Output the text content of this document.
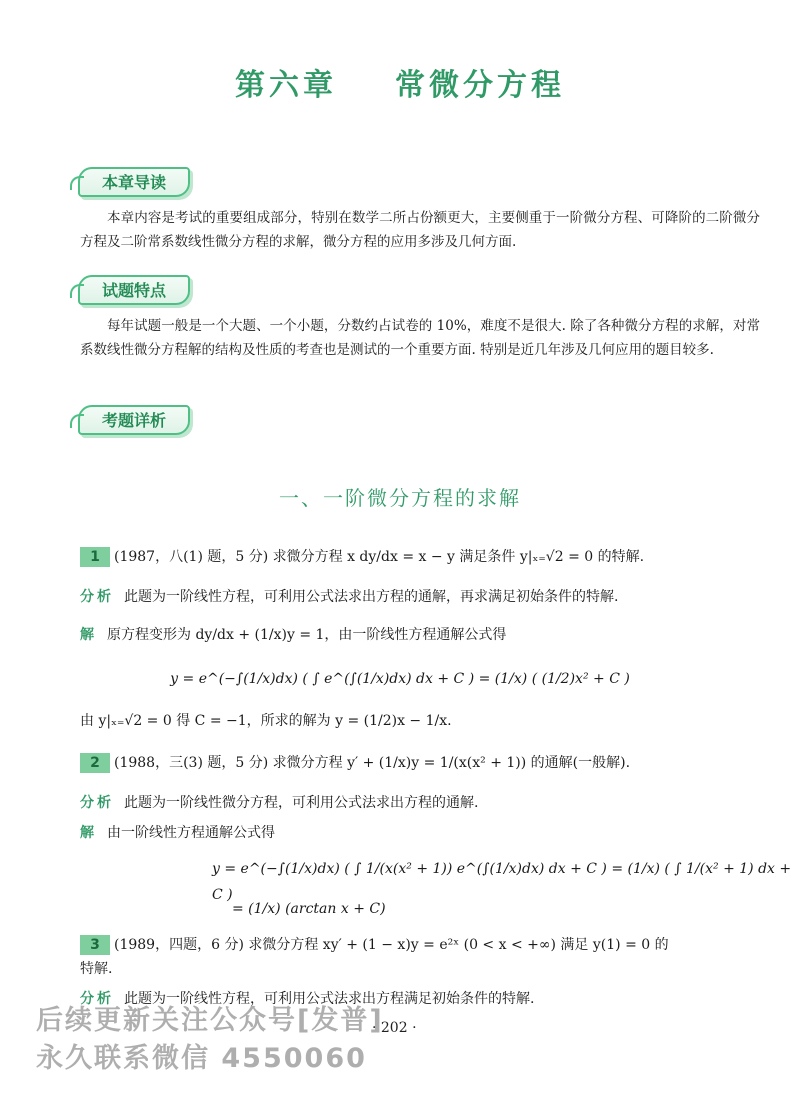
第六章 常微分方程
本章导读
本章内容是考试的重要组成部分，特别在数学二所占份额更大，主要侧重于一阶微分方程、可降阶的二阶微分方程及二阶常系数线性微分方程的求解，微分方程的应用多涉及几何方面.
试题特点
每年试题一般是一个大题、一个小题，分数约占试卷的 10%，难度不是很大. 除了各种微分方程的求解，对常系数线性微分方程解的结构及性质的考查也是测试的一个重要方面. 特别是近几年涉及几何应用的题目较多.
考题详析
一、一阶微分方程的求解
1 (1987，八(1) 题，5 分) 求微分方程 x dy/dx = x − y 满足条件 y|ₓ₌√2 = 0 的特解.
分析 此题为一阶线性方程，可利用公式法求出方程的通解，再求满足初始条件的特解.
解 原方程变形为 dy/dx + (1/x)y = 1，由一阶线性方程通解公式得
y = e^(−∫(1/x)dx) ( ∫ e^(∫(1/x)dx) dx + C ) = (1/x) ( (1/2)x² + C )
由 y|ₓ₌√2 = 0 得 C = −1，所求的解为 y = (1/2)x − 1/x.
2 (1988，三(3) 题，5 分) 求微分方程 y′ + (1/x)y = 1/(x(x² + 1)) 的通解(一般解).
分析 此题为一阶线性微分方程，可利用公式法求出方程的通解.
解 由一阶线性方程通解公式得
y = e^(−∫(1/x)dx) ( ∫ 1/(x(x² + 1)) e^(∫(1/x)dx) dx + C ) = (1/x) ( ∫ 1/(x² + 1) dx + C )
= (1/x) (arctan x + C)
3 (1989，四题，6 分) 求微分方程 xy′ + (1 − x)y = e²ˣ (0 < x < +∞) 满足 y(1) = 0 的
特解.
分析 此题为一阶线性方程，可利用公式法求出方程满足初始条件的特解.
· 202 ·
后续更新关注公众号[发普]
永久联系微信 4550060
